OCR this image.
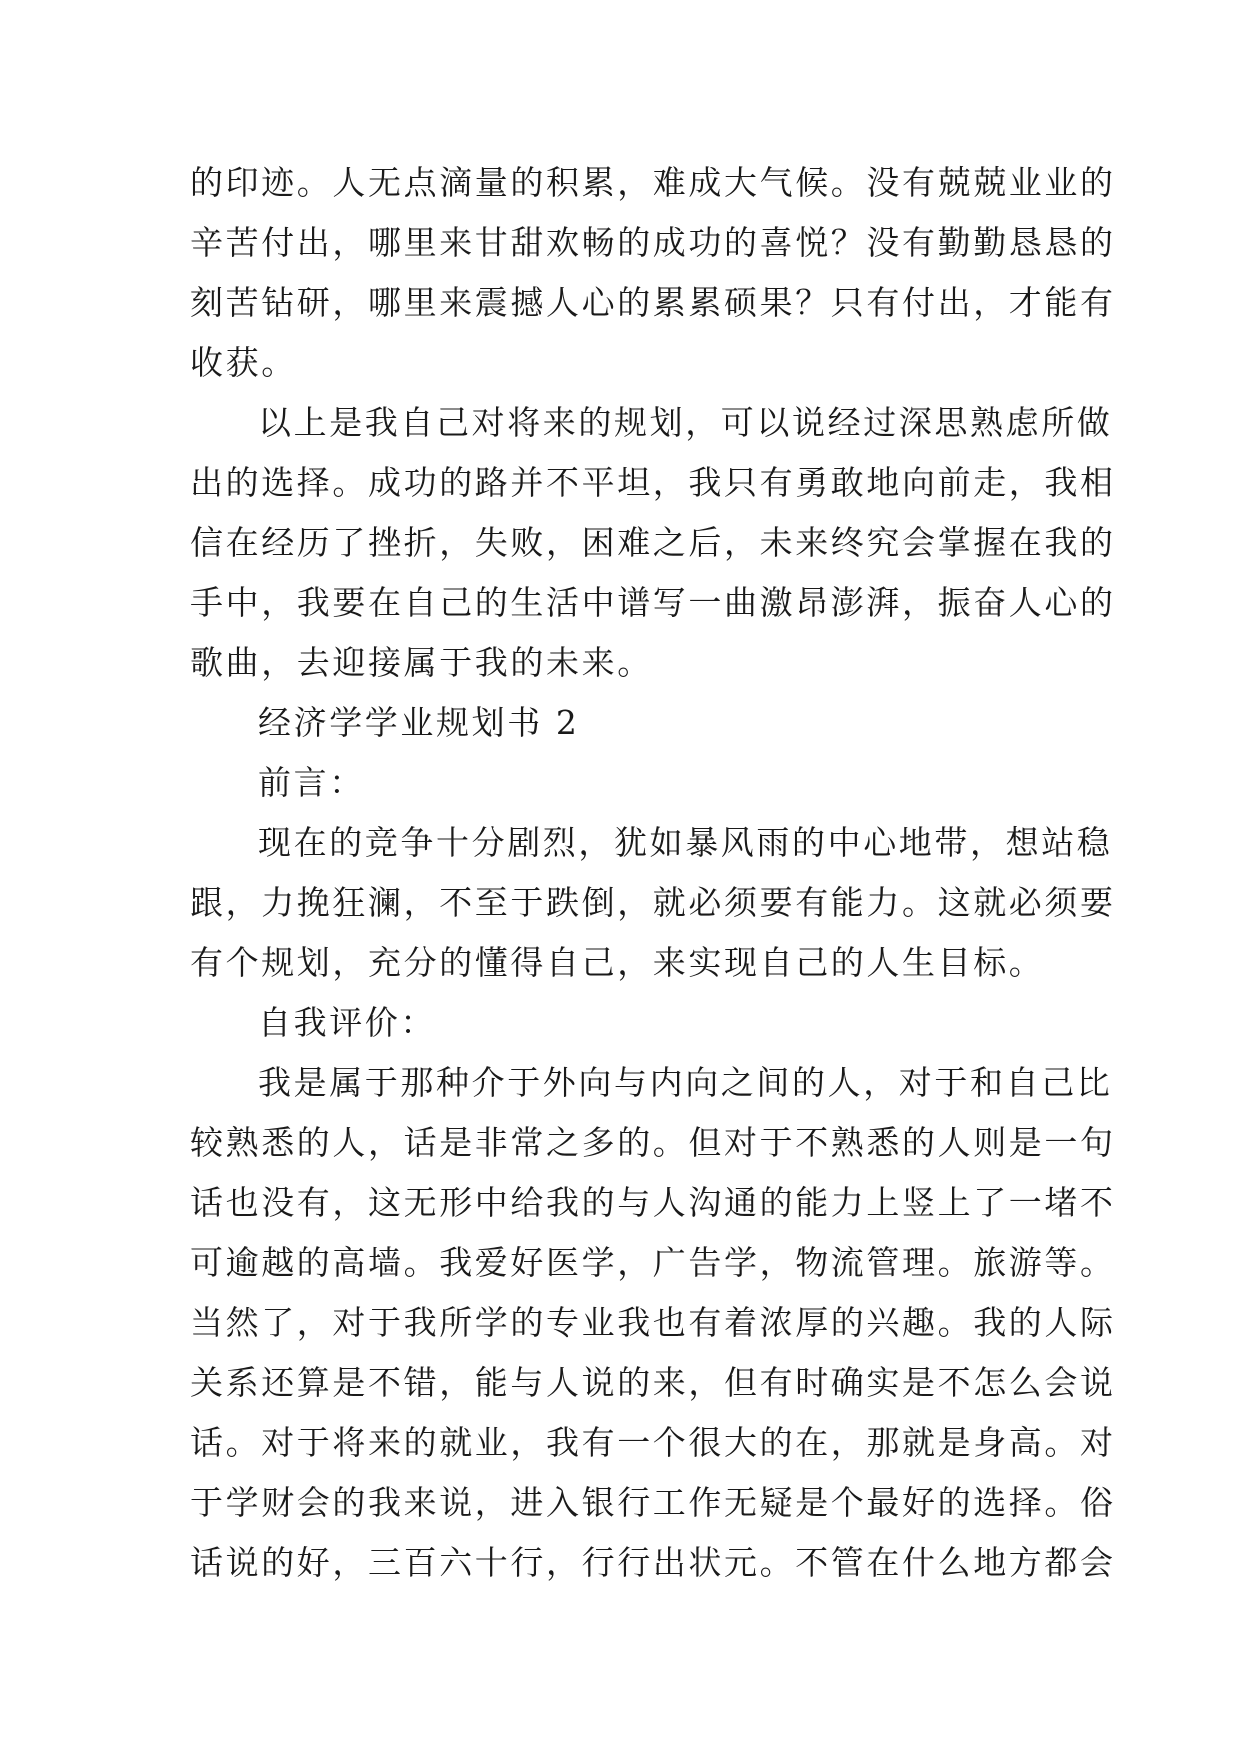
的印迹。人无点滴量的积累，难成大气候。没有兢兢业业的
辛苦付出，哪里来甘甜欢畅的成功的喜悦？没有勤勤恳恳的
刻苦钻研，哪里来震撼人心的累累硕果？只有付出，才能有
收获。
以上是我自己对将来的规划，可以说经过深思熟虑所做
出的选择。成功的路并不平坦，我只有勇敢地向前走，我相
信在经历了挫折，失败，困难之后，未来终究会掌握在我的
手中，我要在自己的生活中谱写一曲激昂澎湃，振奋人心的
歌曲，去迎接属于我的未来。
经济学学业规划书 2
前言：
现在的竞争十分剧烈，犹如暴风雨的中心地带，想站稳
跟，力挽狂澜，不至于跌倒，就必须要有能力。这就必须要
有个规划，充分的懂得自己，来实现自己的人生目标。
自我评价：
我是属于那种介于外向与内向之间的人，对于和自己比
较熟悉的人，话是非常之多的。但对于不熟悉的人则是一句
话也没有，这无形中给我的与人沟通的能力上竖上了一堵不
可逾越的高墙。我爱好医学，广告学，物流管理。旅游等。
当然了，对于我所学的专业我也有着浓厚的兴趣。我的人际
关系还算是不错，能与人说的来，但有时确实是不怎么会说
话。对于将来的就业，我有一个很大的在，那就是身高。对
于学财会的我来说，进入银行工作无疑是个最好的选择。俗
话说的好，三百六十行，行行出状元。不管在什么地方都会
